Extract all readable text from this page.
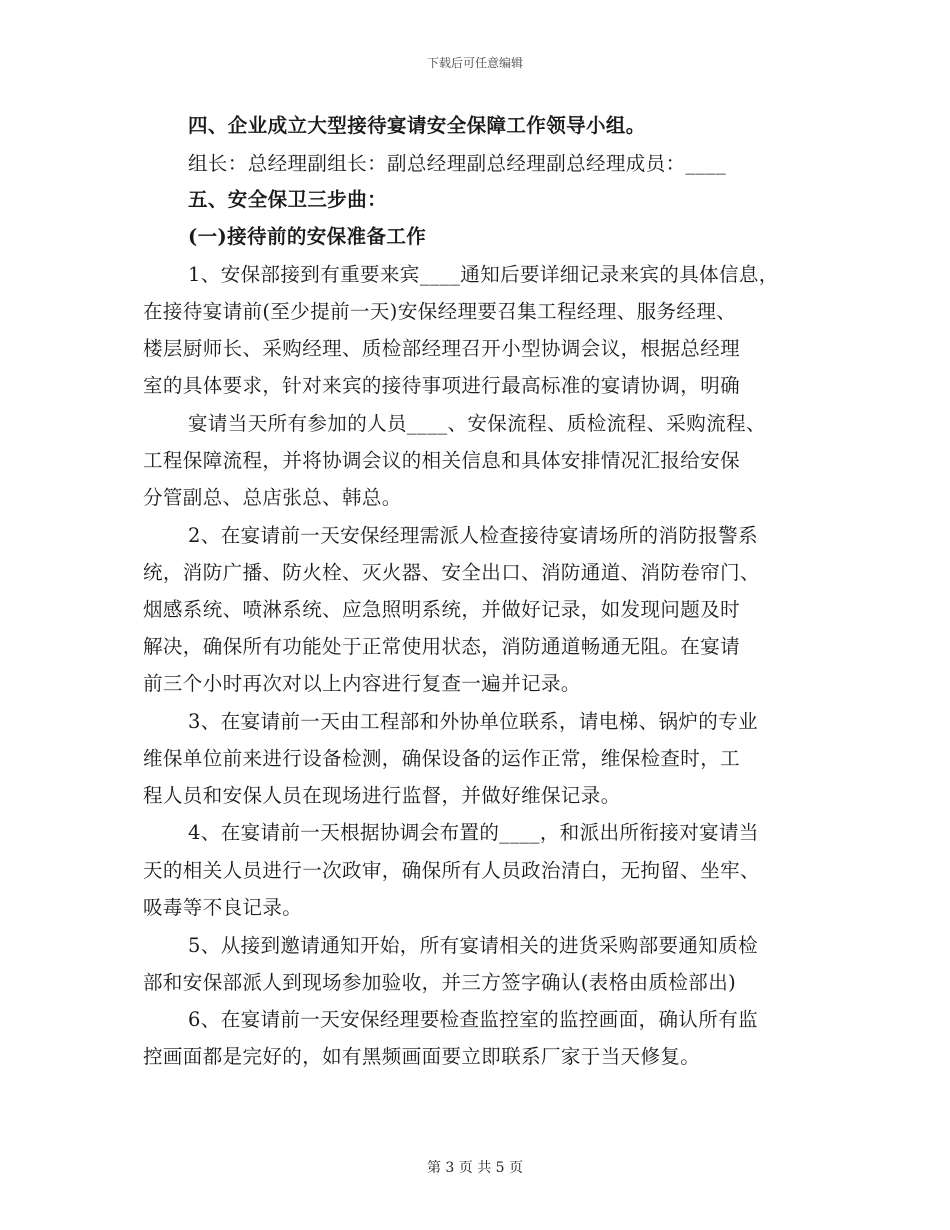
下载后可任意编辑
四、企业成立大型接待宴请安全保障工作领导小组。
组长：总经理副组长：副总经理副总经理副总经理成员：____
五、安全保卫三步曲：
(一)接待前的安保准备工作
1、安保部接到有重要来宾____通知后要详细记录来宾的具体信息，
在接待宴请前(至少提前一天)安保经理要召集工程经理、服务经理、
楼层厨师长、采购经理、质检部经理召开小型协调会议，根据总经理
室的具体要求，针对来宾的接待事项进行最高标准的宴请协调，明确
宴请当天所有参加的人员____、安保流程、质检流程、采购流程、
工程保障流程，并将协调会议的相关信息和具体安排情况汇报给安保
分管副总、总店张总、韩总。
2、在宴请前一天安保经理需派人检查接待宴请场所的消防报警系
统，消防广播、防火栓、灭火器、安全出口、消防通道、消防卷帘门、
烟感系统、喷淋系统、应急照明系统，并做好记录，如发现问题及时
解决，确保所有功能处于正常使用状态，消防通道畅通无阻。在宴请
前三个小时再次对以上内容进行复查一遍并记录。
3、在宴请前一天由工程部和外协单位联系，请电梯、锅炉的专业
维保单位前来进行设备检测，确保设备的运作正常，维保检查时，工
程人员和安保人员在现场进行监督，并做好维保记录。
4、在宴请前一天根据协调会布置的____，和派出所衔接对宴请当
天的相关人员进行一次政审，确保所有人员政治清白，无拘留、坐牢、
吸毒等不良记录。
5、从接到邀请通知开始，所有宴请相关的进货采购部要通知质检
部和安保部派人到现场参加验收，并三方签字确认(表格由质检部出)
6、在宴请前一天安保经理要检查监控室的监控画面，确认所有监
控画面都是完好的，如有黑频画面要立即联系厂家于当天修复。
第 3 页 共 5 页
